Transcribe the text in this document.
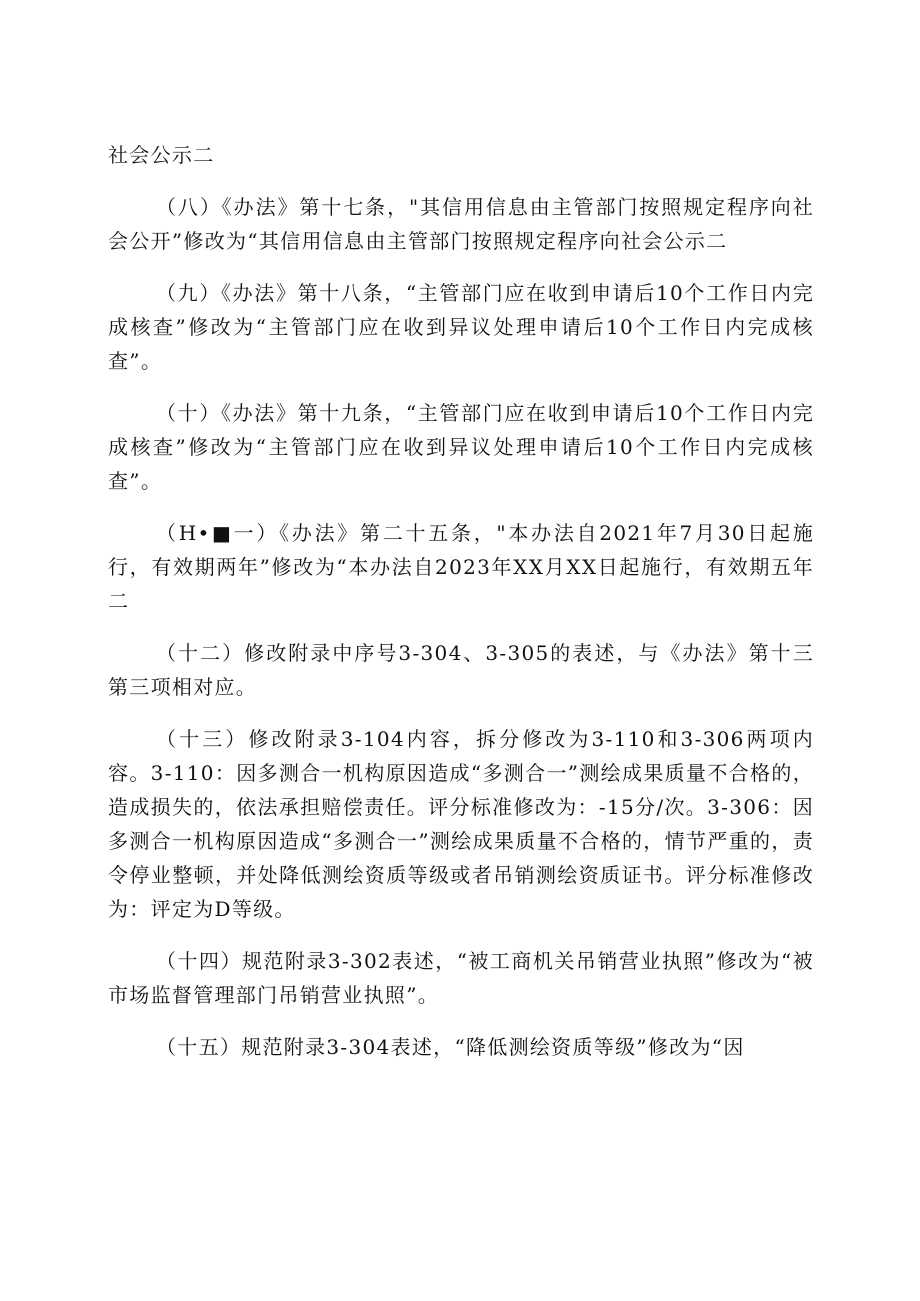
社会公示二

（八）《办法》第十七条，"其信用信息由主管部门按照规定程序向社会公开”修改为“其信用信息由主管部门按照规定程序向社会公示二

（九）《办法》第十八条，“主管部门应在收到申请后10个工作日内完成核查”修改为“主管部门应在收到异议处理申请后10个工作日内完成核查”。

（十）《办法》第十九条，“主管部门应在收到申请后10个工作日内完成核查”修改为“主管部门应在收到异议处理申请后10个工作日内完成核查”。

（H•■一）《办法》第二十五条，"本办法自2021年7月30日起施行，有效期两年”修改为“本办法自2023年XX月XX日起施行，有效期五年二

（十二）修改附录中序号3-304、3-305的表述，与《办法》第十三第三项相对应。

（十三）修改附录3-104内容，拆分修改为3-110和3-306两项内容。3-110：因多测合一机构原因造成“多测合一”测绘成果质量不合格的，造成损失的，依法承担赔偿责任。评分标准修改为：-15分/次。3-306：因多测合一机构原因造成“多测合一”测绘成果质量不合格的，情节严重的，责令停业整顿，并处降低测绘资质等级或者吊销测绘资质证书。评分标准修改为：评定为D等级。

（十四）规范附录3-302表述，“被工商机关吊销营业执照”修改为“被市场监督管理部门吊销营业执照”。

（十五）规范附录3-304表述，“降低测绘资质等级”修改为“因
